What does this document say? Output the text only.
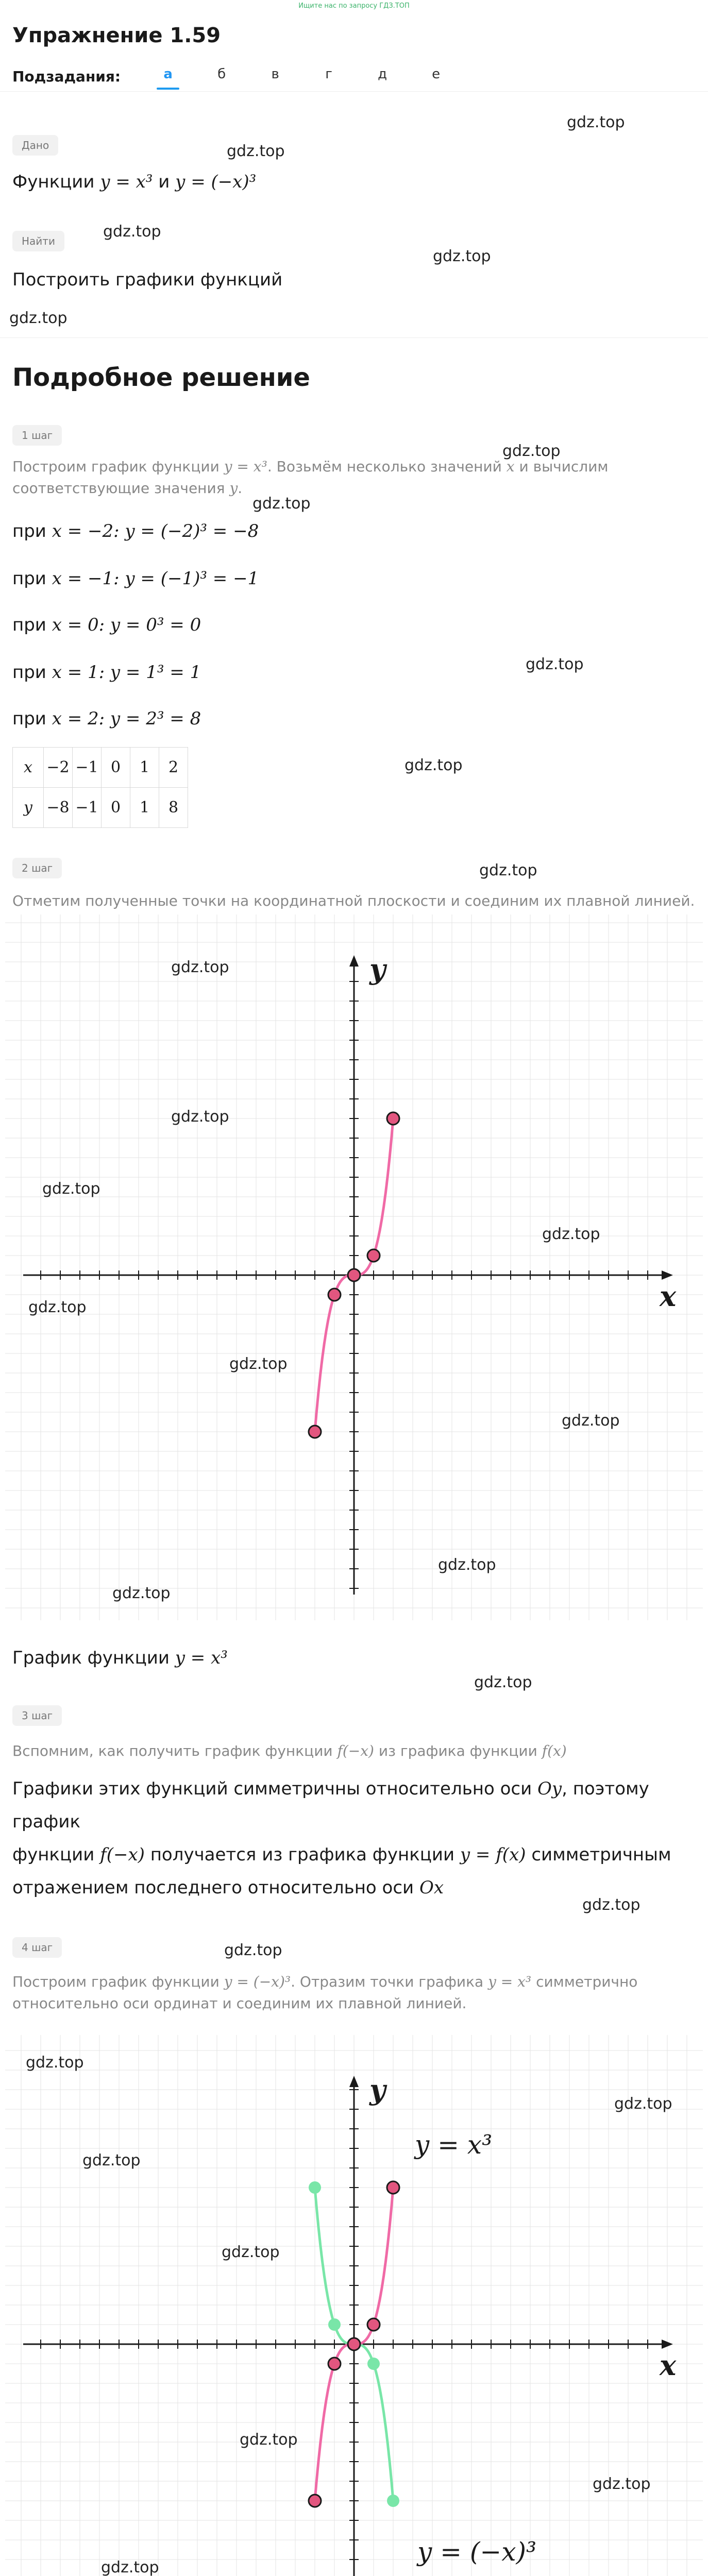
Ищите нас по запросу ГДЗ.ТОП
Упражнение 1.59
Подзадания:	а	б	в	г	д	е
Дано
Функции y = x³ и y = (−x)³
Найти
Построить графики функций
Подробное решение
1 шаг
Построим график функции y = x³. Возьмём несколько значений x и вычислим
соответствующие значения y.
при x = −2: y = (−2)³ = −8
при x = −1: y = (−1)³ = −1
при x = 0: y = 0³ = 0
при x = 1: y = 1³ = 1
при x = 2: y = 2³ = 8
x	−2	−1	0	1	2
y	−8	−1	0	1	8
2 шаг
Отметим полученные точки на координатной плоскости и соединим их плавной линией.
x
y
График функции y = x³
3 шаг
Вспомним, как получить график функции f(−x) из графика функции f(x)
Графики этих функций симметричны относительно оси Oy, поэтому график
функции f(−x) получается из графика функции y = f(x) симметричным
отражением последнего относительно оси Ox
4 шаг
Построим график функции y = (−x)³. Отразим точки графика y = x³ симметрично
относительно оси ординат и соединим их плавной линией.
x
y
y = x³
y = (−x)³
gdz.top
gdz.top
gdz.top
gdz.top
gdz.top
gdz.top
gdz.top
gdz.top
gdz.top
gdz.top
gdz.top
gdz.top
gdz.top
gdz.top
gdz.top
gdz.top
gdz.top
gdz.top
gdz.top
gdz.top
gdz.top
gdz.top
gdz.top
gdz.top
gdz.top
gdz.top
gdz.top
gdz.top
gdz.top
